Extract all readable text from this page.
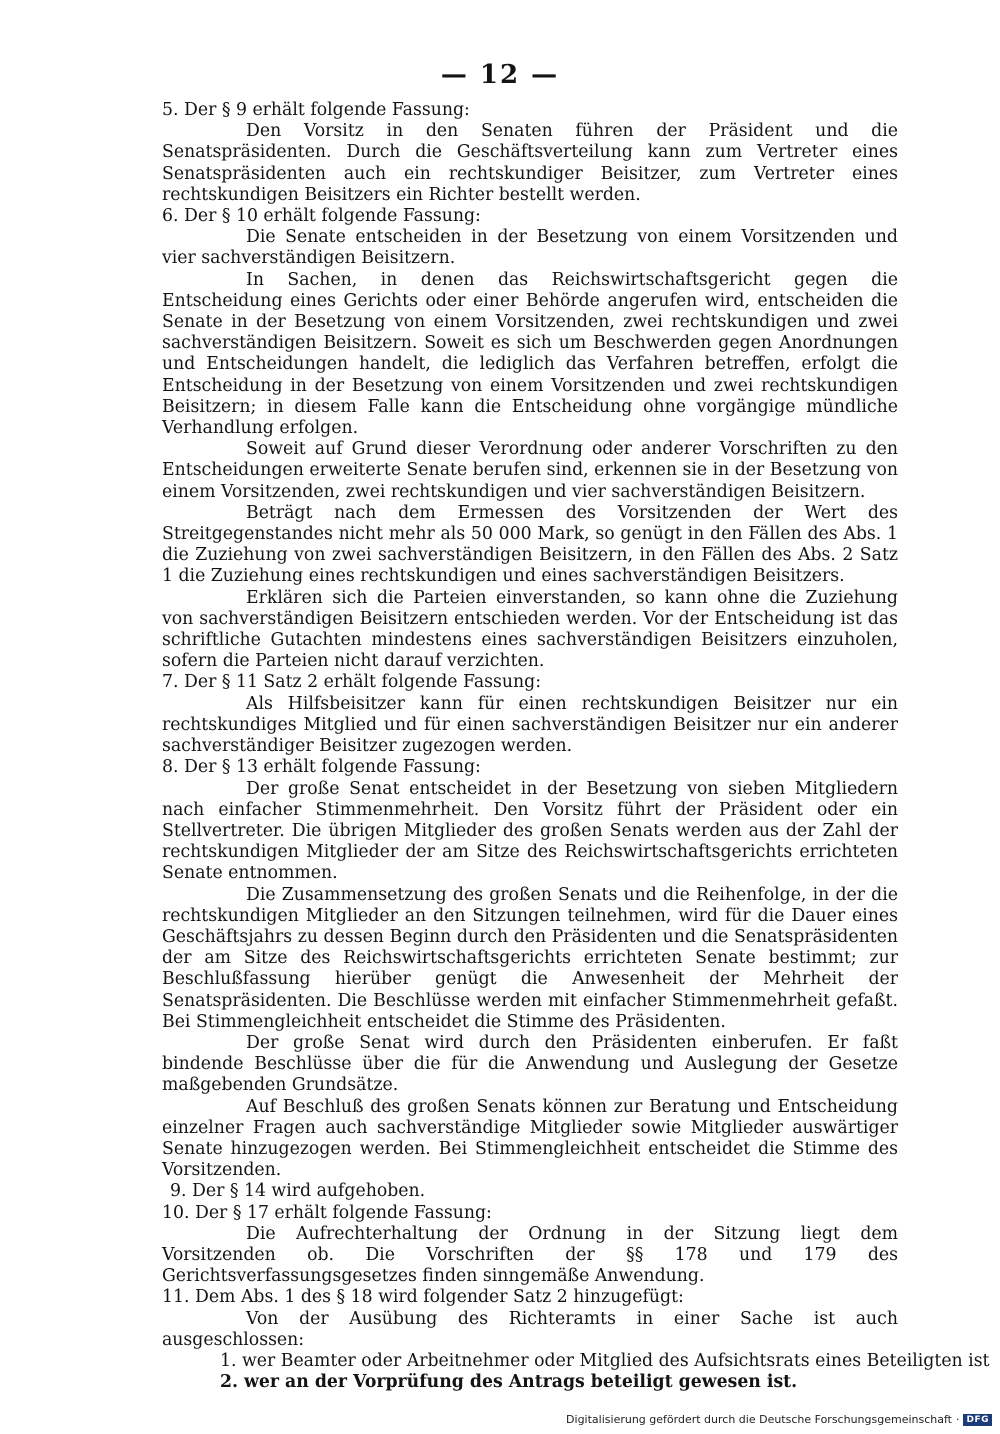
— 12 —

5. Der § 9 erhält folgende Fassung:

Den Vorsitz in den Senaten führen der Präsident und die Senatspräsidenten. Durch die Geschäftsverteilung kann zum Vertreter eines Senatspräsidenten auch ein rechtskundiger Beisitzer, zum Vertreter eines rechtskundigen Beisitzers ein Richter bestellt werden.

6. Der § 10 erhält folgende Fassung:

Die Senate entscheiden in der Besetzung von einem Vorsitzenden und vier sachverständigen Beisitzern.

In Sachen, in denen das Reichswirtschaftsgericht gegen die Entscheidung eines Gerichts oder einer Behörde angerufen wird, entscheiden die Senate in der Besetzung von einem Vorsitzenden, zwei rechtskundigen und zwei sachverständigen Beisitzern. Soweit es sich um Beschwerden gegen Anordnungen und Entscheidungen handelt, die lediglich das Verfahren betreffen, erfolgt die Entscheidung in der Besetzung von einem Vorsitzenden und zwei rechtskundigen Beisitzern; in diesem Falle kann die Entscheidung ohne vorgängige mündliche Verhandlung erfolgen.

Soweit auf Grund dieser Verordnung oder anderer Vorschriften zu den Entscheidungen erweiterte Senate berufen sind, erkennen sie in der Besetzung von einem Vorsitzenden, zwei rechtskundigen und vier sachverständigen Beisitzern.

Beträgt nach dem Ermessen des Vorsitzenden der Wert des Streitgegenstandes nicht mehr als 50 000 Mark, so genügt in den Fällen des Abs. 1 die Zuziehung von zwei sachverständigen Beisitzern, in den Fällen des Abs. 2 Satz 1 die Zuziehung eines rechtskundigen und eines sachverständigen Beisitzers.

Erklären sich die Parteien einverstanden, so kann ohne die Zuziehung von sachverständigen Beisitzern entschieden werden. Vor der Entscheidung ist das schriftliche Gutachten mindestens eines sachverständigen Beisitzers einzuholen, sofern die Parteien nicht darauf verzichten.

7. Der § 11 Satz 2 erhält folgende Fassung:

Als Hilfsbeisitzer kann für einen rechtskundigen Beisitzer nur ein rechtskundiges Mitglied und für einen sachverständigen Beisitzer nur ein anderer sachverständiger Beisitzer zugezogen werden.

8. Der § 13 erhält folgende Fassung:

Der große Senat entscheidet in der Besetzung von sieben Mitgliedern nach einfacher Stimmenmehrheit. Den Vorsitz führt der Präsident oder ein Stellvertreter. Die übrigen Mitglieder des großen Senats werden aus der Zahl der rechtskundigen Mitglieder der am Sitze des Reichswirtschaftsgerichts errichteten Senate entnommen.

Die Zusammensetzung des großen Senats und die Reihenfolge, in der die rechtskundigen Mitglieder an den Sitzungen teilnehmen, wird für die Dauer eines Geschäftsjahrs zu dessen Beginn durch den Präsidenten und die Senatspräsidenten der am Sitze des Reichswirtschaftsgerichts errichteten Senate bestimmt; zur Beschlußfassung hierüber genügt die Anwesenheit der Mehrheit der Senatspräsidenten. Die Beschlüsse werden mit einfacher Stimmenmehrheit gefaßt. Bei Stimmengleichheit entscheidet die Stimme des Präsidenten.

Der große Senat wird durch den Präsidenten einberufen. Er faßt bindende Beschlüsse über die für die Anwendung und Auslegung der Gesetze maßgebenden Grundsätze.

Auf Beschluß des großen Senats können zur Beratung und Entscheidung einzelner Fragen auch sachverständige Mitglieder sowie Mitglieder auswärtiger Senate hinzugezogen werden. Bei Stimmengleichheit entscheidet die Stimme des Vorsitzenden.

9. Der § 14 wird aufgehoben.

10. Der § 17 erhält folgende Fassung:

Die Aufrechterhaltung der Ordnung in der Sitzung liegt dem Vorsitzenden ob. Die Vorschriften der §§ 178 und 179 des Gerichtsverfassungsgesetzes finden sinngemäße Anwendung.

11. Dem Abs. 1 des § 18 wird folgender Satz 2 hinzugefügt:

Von der Ausübung des Richteramts in einer Sache ist auch ausgeschlossen:

1. wer Beamter oder Arbeitnehmer oder Mitglied des Aufsichtsrats eines Beteiligten ist

2. wer an der Vorprüfung des Antrags beteiligt gewesen ist.

Digitalisierung gefördert durch die Deutsche Forschungsgemeinschaft · DFG
